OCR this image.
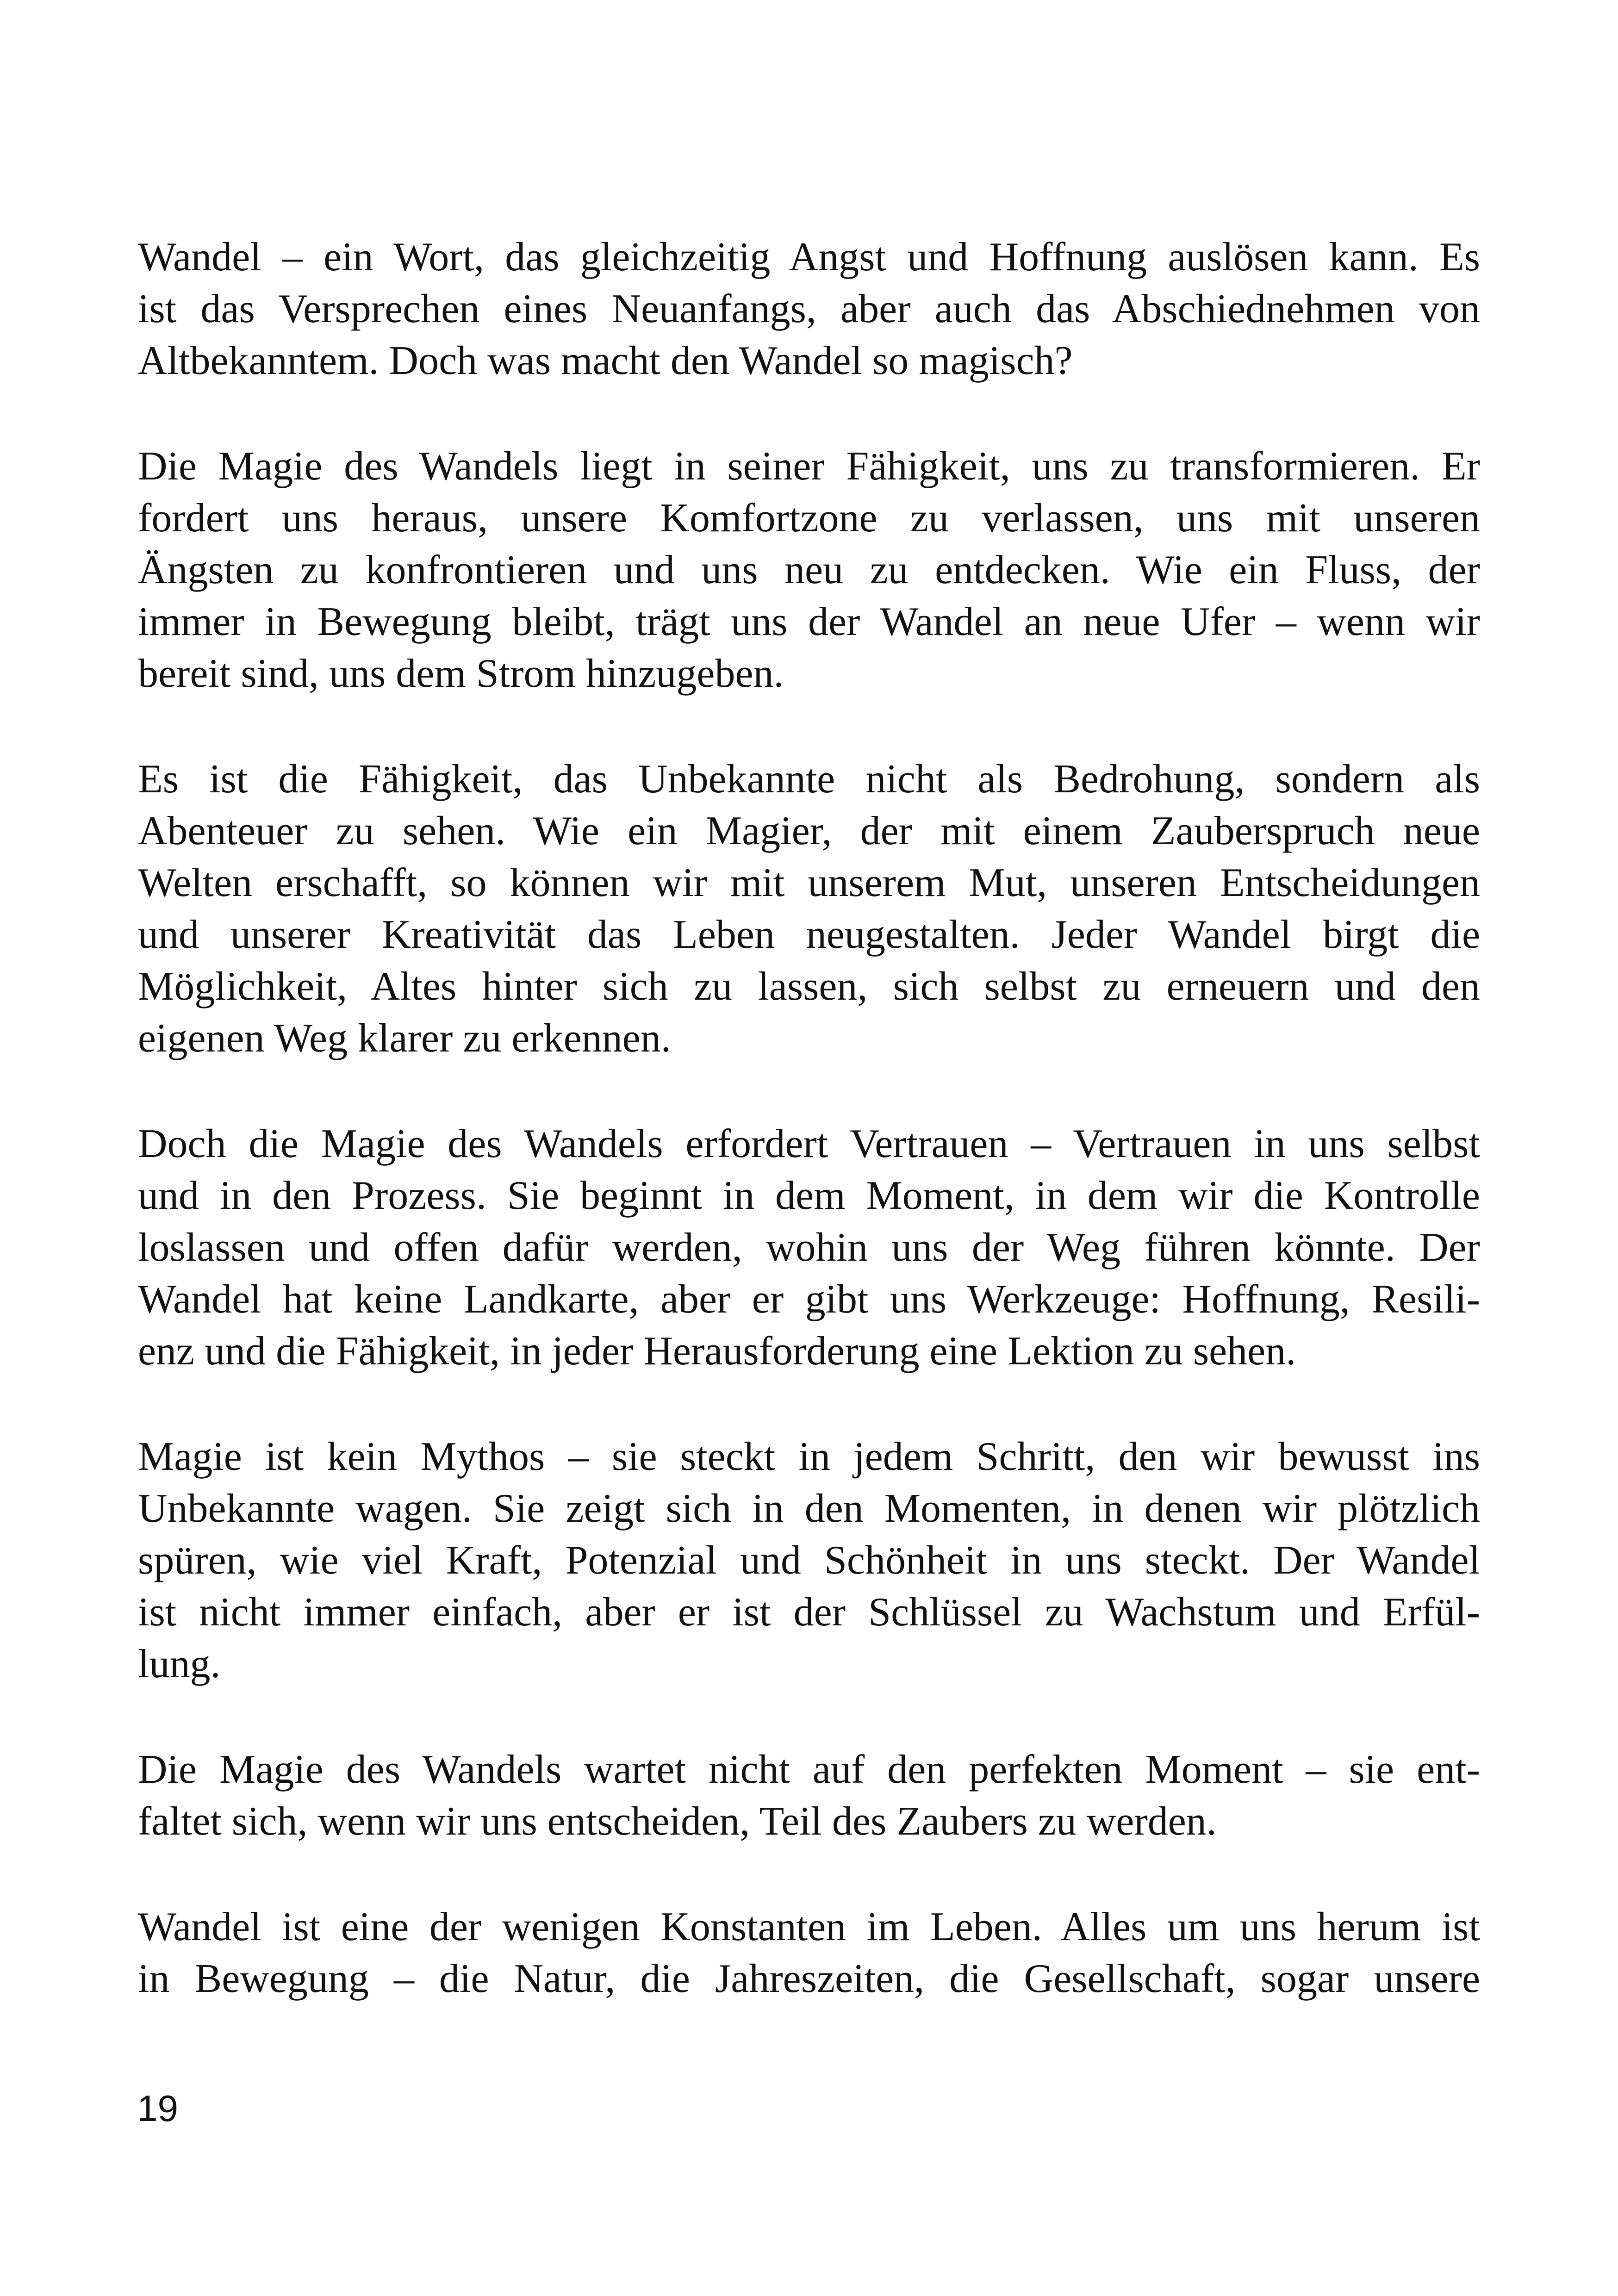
Wandel – ein Wort, das gleichzeitig Angst und Hoffnung auslösen kann. Es
ist das Versprechen eines Neuanfangs, aber auch das Abschiednehmen von
Altbekanntem. Doch was macht den Wandel so magisch?
Die Magie des Wandels liegt in seiner Fähigkeit, uns zu transformieren. Er
fordert uns heraus, unsere Komfortzone zu verlassen, uns mit unseren
Ängsten zu konfrontieren und uns neu zu entdecken. Wie ein Fluss, der
immer in Bewegung bleibt, trägt uns der Wandel an neue Ufer – wenn wir
bereit sind, uns dem Strom hinzugeben.
Es ist die Fähigkeit, das Unbekannte nicht als Bedrohung, sondern als
Abenteuer zu sehen. Wie ein Magier, der mit einem Zauberspruch neue
Welten erschafft, so können wir mit unserem Mut, unseren Entscheidungen
und unserer Kreativität das Leben neugestalten. Jeder Wandel birgt die
Möglichkeit, Altes hinter sich zu lassen, sich selbst zu erneuern und den
eigenen Weg klarer zu erkennen.
Doch die Magie des Wandels erfordert Vertrauen – Vertrauen in uns selbst
und in den Prozess. Sie beginnt in dem Moment, in dem wir die Kontrolle
loslassen und offen dafür werden, wohin uns der Weg führen könnte. Der
Wandel hat keine Landkarte, aber er gibt uns Werkzeuge: Hoffnung, Resili-
enz und die Fähigkeit, in jeder Herausforderung eine Lektion zu sehen.
Magie ist kein Mythos – sie steckt in jedem Schritt, den wir bewusst ins
Unbekannte wagen. Sie zeigt sich in den Momenten, in denen wir plötzlich
spüren, wie viel Kraft, Potenzial und Schönheit in uns steckt. Der Wandel
ist nicht immer einfach, aber er ist der Schlüssel zu Wachstum und Erfül-
lung.
Die Magie des Wandels wartet nicht auf den perfekten Moment – sie ent-
faltet sich, wenn wir uns entscheiden, Teil des Zaubers zu werden.
Wandel ist eine der wenigen Konstanten im Leben. Alles um uns herum ist
in Bewegung – die Natur, die Jahreszeiten, die Gesellschaft, sogar unsere
19
